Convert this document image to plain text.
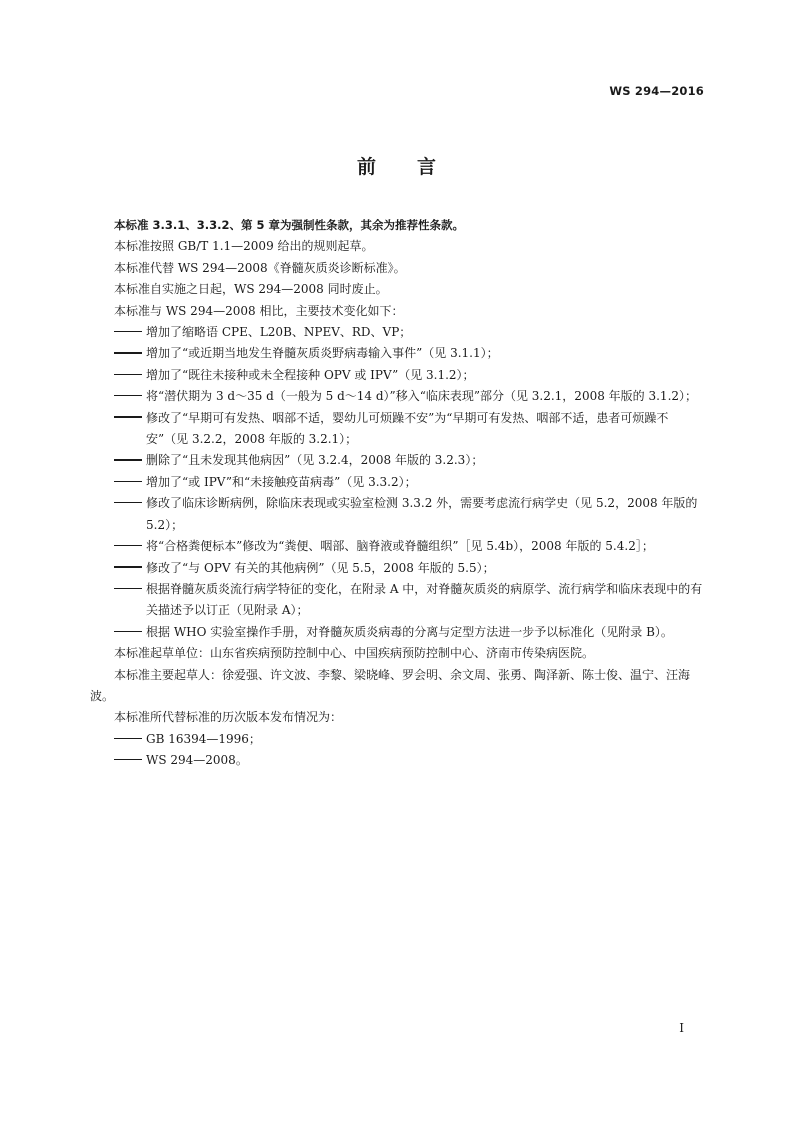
WS 294—2016
前 言

本标准 3.3.1、3.3.2、第 5 章为强制性条款，其余为推荐性条款。

本标准按照 GB/T 1.1—2009 给出的规则起草。

本标准代替 WS 294—2008《脊髓灰质炎诊断标准》。

本标准自实施之日起，WS 294—2008 同时废止。

本标准与 WS 294—2008 相比，主要技术变化如下：

增加了缩略语 CPE、L20B、NPEV、RD、VP；

增加了“或近期当地发生脊髓灰质炎野病毒输入事件”（见 3.1.1）；

增加了“既往未接种或未全程接种 OPV 或 IPV”（见 3.1.2）；

将“潜伏期为 3 d～35 d（一般为 5 d～14 d）”移入“临床表现”部分（见 3.2.1，2008 年版的 3.1.2）；

修改了“早期可有发热、咽部不适，婴幼儿可烦躁不安”为“早期可有发热、咽部不适，患者可烦躁不安”（见 3.2.2，2008 年版的 3.2.1）；

删除了“且未发现其他病因”（见 3.2.4，2008 年版的 3.2.3）；

增加了“或 IPV”和“未接触疫苗病毒”（见 3.3.2）；

修改了临床诊断病例，除临床表现或实验室检测 3.3.2 外，需要考虑流行病学史（见 5.2，2008 年版的 5.2）；

将“合格粪便标本”修改为“粪便、咽部、脑脊液或脊髓组织”［见 5.4b），2008 年版的 5.4.2］；

修改了“与 OPV 有关的其他病例”（见 5.5，2008 年版的 5.5）；

根据脊髓灰质炎流行病学特征的变化，在附录 A 中，对脊髓灰质炎的病原学、流行病学和临床表现中的有关描述予以订正（见附录 A）；

根据 WHO 实验室操作手册，对脊髓灰质炎病毒的分离与定型方法进一步予以标准化（见附录 B）。

本标准起草单位：山东省疾病预防控制中心、中国疾病预防控制中心、济南市传染病医院。

本标准主要起草人：徐爱强、许文波、李黎、梁晓峰、罗会明、余文周、张勇、陶泽新、陈士俊、温宁、汪海波。

本标准所代替标准的历次版本发布情况为：

GB 16394—1996；

WS 294—2008。

I
